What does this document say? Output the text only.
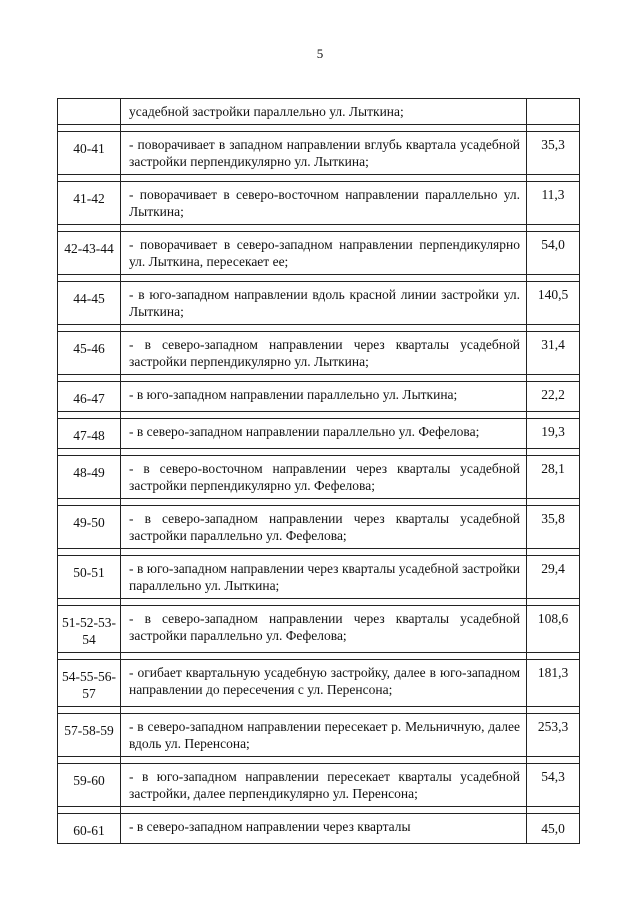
5
	усадебной застройки параллельно ул. Лыткина;	

40-41	- поворачивает в западном направлении вглубь квартала усадебной застройки перпендикулярно ул. Лыткина;	35,3

41-42	- поворачивает в северо-восточном направлении параллельно ул. Лыткина;	11,3

42-43-44	- поворачивает в северо-западном направлении перпендикулярно ул. Лыткина, пересекает ее;	54,0

44-45	- в юго-западном направлении вдоль красной линии застройки ул. Лыткина;	140,5

45-46	- в северо-западном направлении через кварталы усадебной застройки перпендикулярно ул. Лыткина;	31,4

46-47	- в юго-западном направлении параллельно ул. Лыткина;	22,2

47-48	- в северо-западном направлении параллельно ул. Фефелова;	19,3

48-49	- в северо-восточном направлении через кварталы усадебной застройки перпендикулярно ул. Фефелова;	28,1

49-50	- в северо-западном направлении через кварталы усадебной застройки параллельно ул. Фефелова;	35,8

50-51	- в юго-западном направлении через кварталы усадебной застройки параллельно ул. Лыткина;	29,4

51-52-53-54	- в северо-западном направлении через кварталы усадебной застройки параллельно ул. Фефелова;	108,6

54-55-56-57	- огибает квартальную усадебную застройку, далее в юго-западном направлении до пересечения с ул. Перенсона;	181,3

57-58-59	- в северо-западном направлении пересекает р. Мельничную, далее вдоль ул. Перенсона;	253,3

59-60	- в юго-западном направлении пересекает кварталы усадебной застройки, далее перпендикулярно ул. Перенсона;	54,3

60-61	- в северо-западном направлении через кварталы	45,0
